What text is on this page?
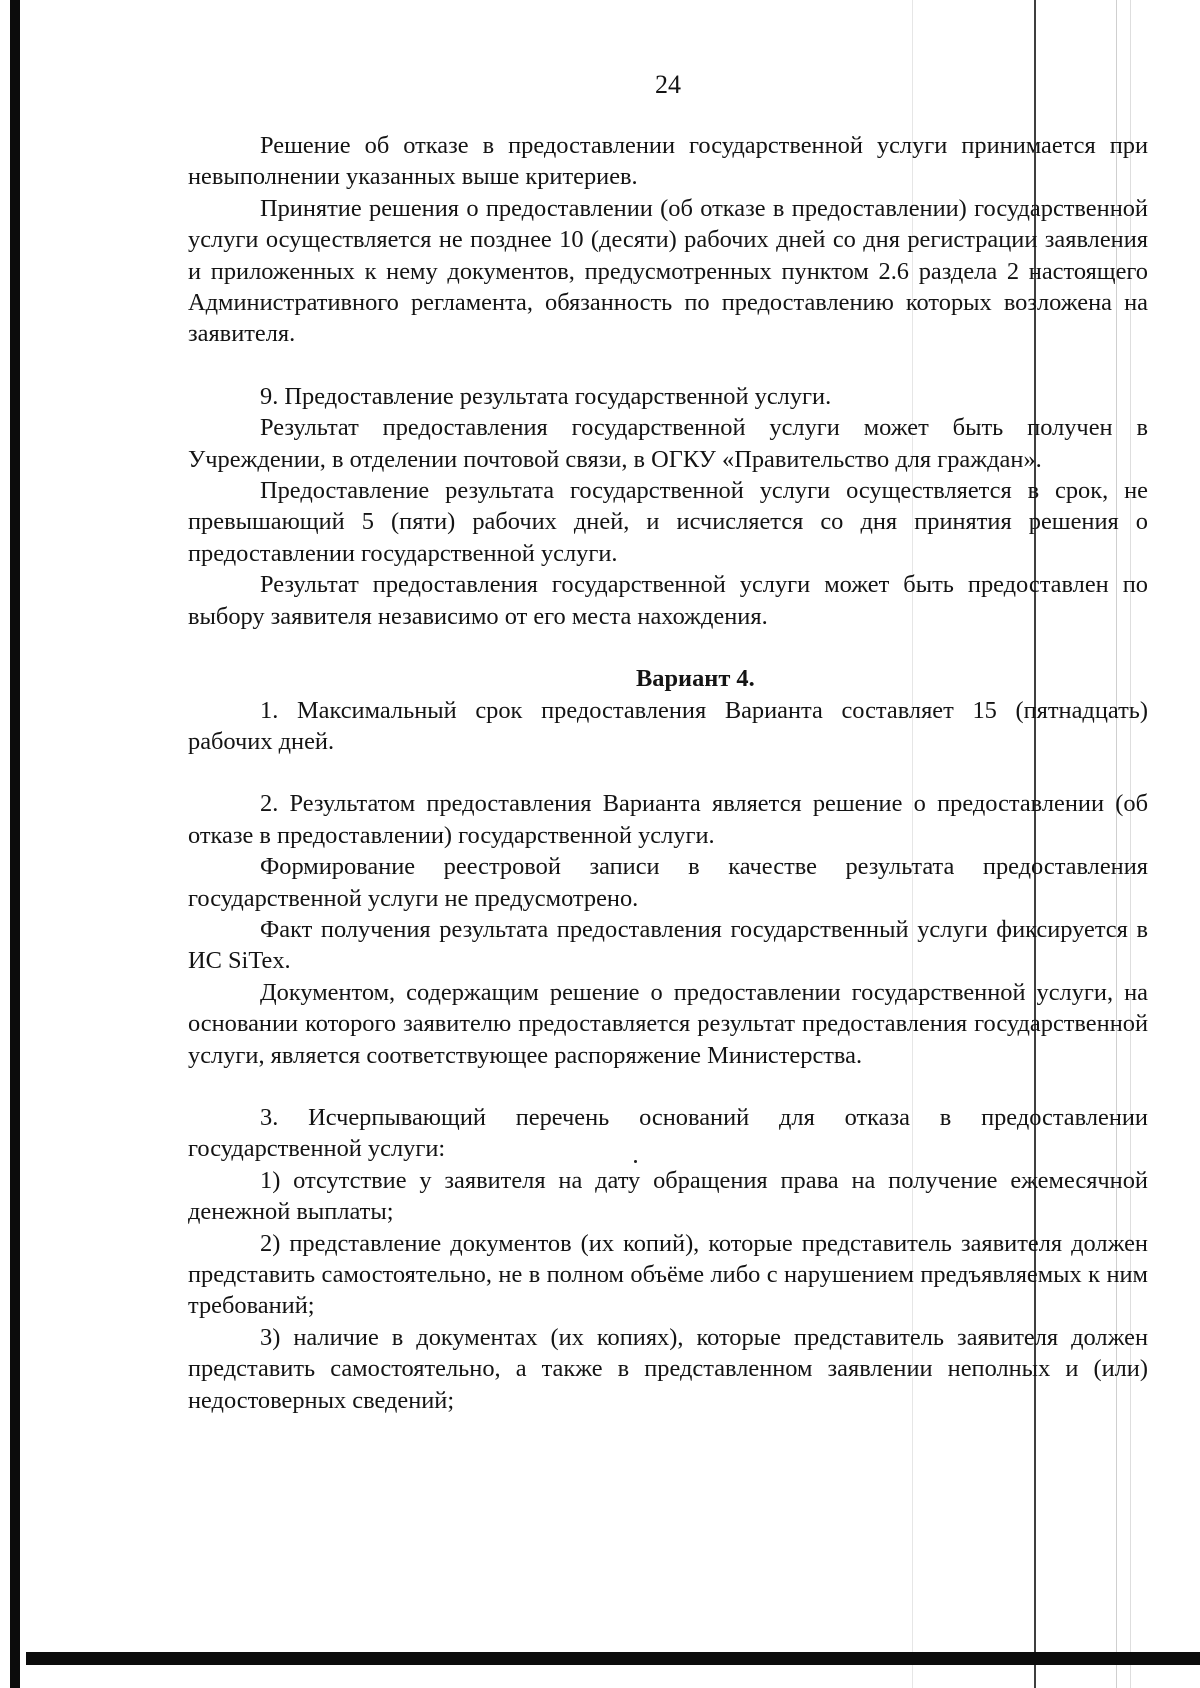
24

Решение об отказе в предоставлении государственной услуги принимается при невыполнении указанных выше критериев.

Принятие решения о предоставлении (об отказе в предоставлении) государственной услуги осуществляется не позднее 10 (десяти) рабочих дней со дня регистрации заявления и приложенных к нему документов, предусмотренных пунктом 2.6 раздела 2 настоящего Административного регламента, обязанность по предоставлению которых возложена на заявителя.

9. Предоставление результата государственной услуги.

Результат предоставления государственной услуги может быть получен в Учреждении, в отделении почтовой связи, в ОГКУ «Правительство для граждан».

Предоставление результата государственной услуги осуществляется в срок, не превышающий 5 (пяти) рабочих дней, и исчисляется со дня принятия решения о предоставлении государственной услуги.

Результат предоставления государственной услуги может быть предоставлен по выбору заявителя независимо от его места нахождения.

Вариант 4.

1. Максимальный срок предоставления Варианта составляет 15 (пятнадцать) рабочих дней.

2. Результатом предоставления Варианта является решение о предоставлении (об отказе в предоставлении) государственной услуги.

Формирование реестровой записи в качестве результата предоставления государственной услуги не предусмотрено.

Факт получения результата предоставления государственный услуги фиксируется в ИС SiTex.

Документом, содержащим решение о предоставлении государственной услуги, на основании которого заявителю предоставляется результат предоставления государственной услуги, является соответствующее распоряжение Министерства.

3. Исчерпывающий перечень оснований для отказа в предоставлении государственной услуги:

1) отсутствие у заявителя на дату обращения права на получение ежемесячной денежной выплаты;

2) представление документов (их копий), которые представитель заявителя должен представить самостоятельно, не в полном объёме либо с нарушением предъявляемых к ним требований;

3) наличие в документах (их копиях), которые представитель заявителя должен представить самостоятельно, а также в представленном заявлении неполных и (или) недостоверных сведений;
